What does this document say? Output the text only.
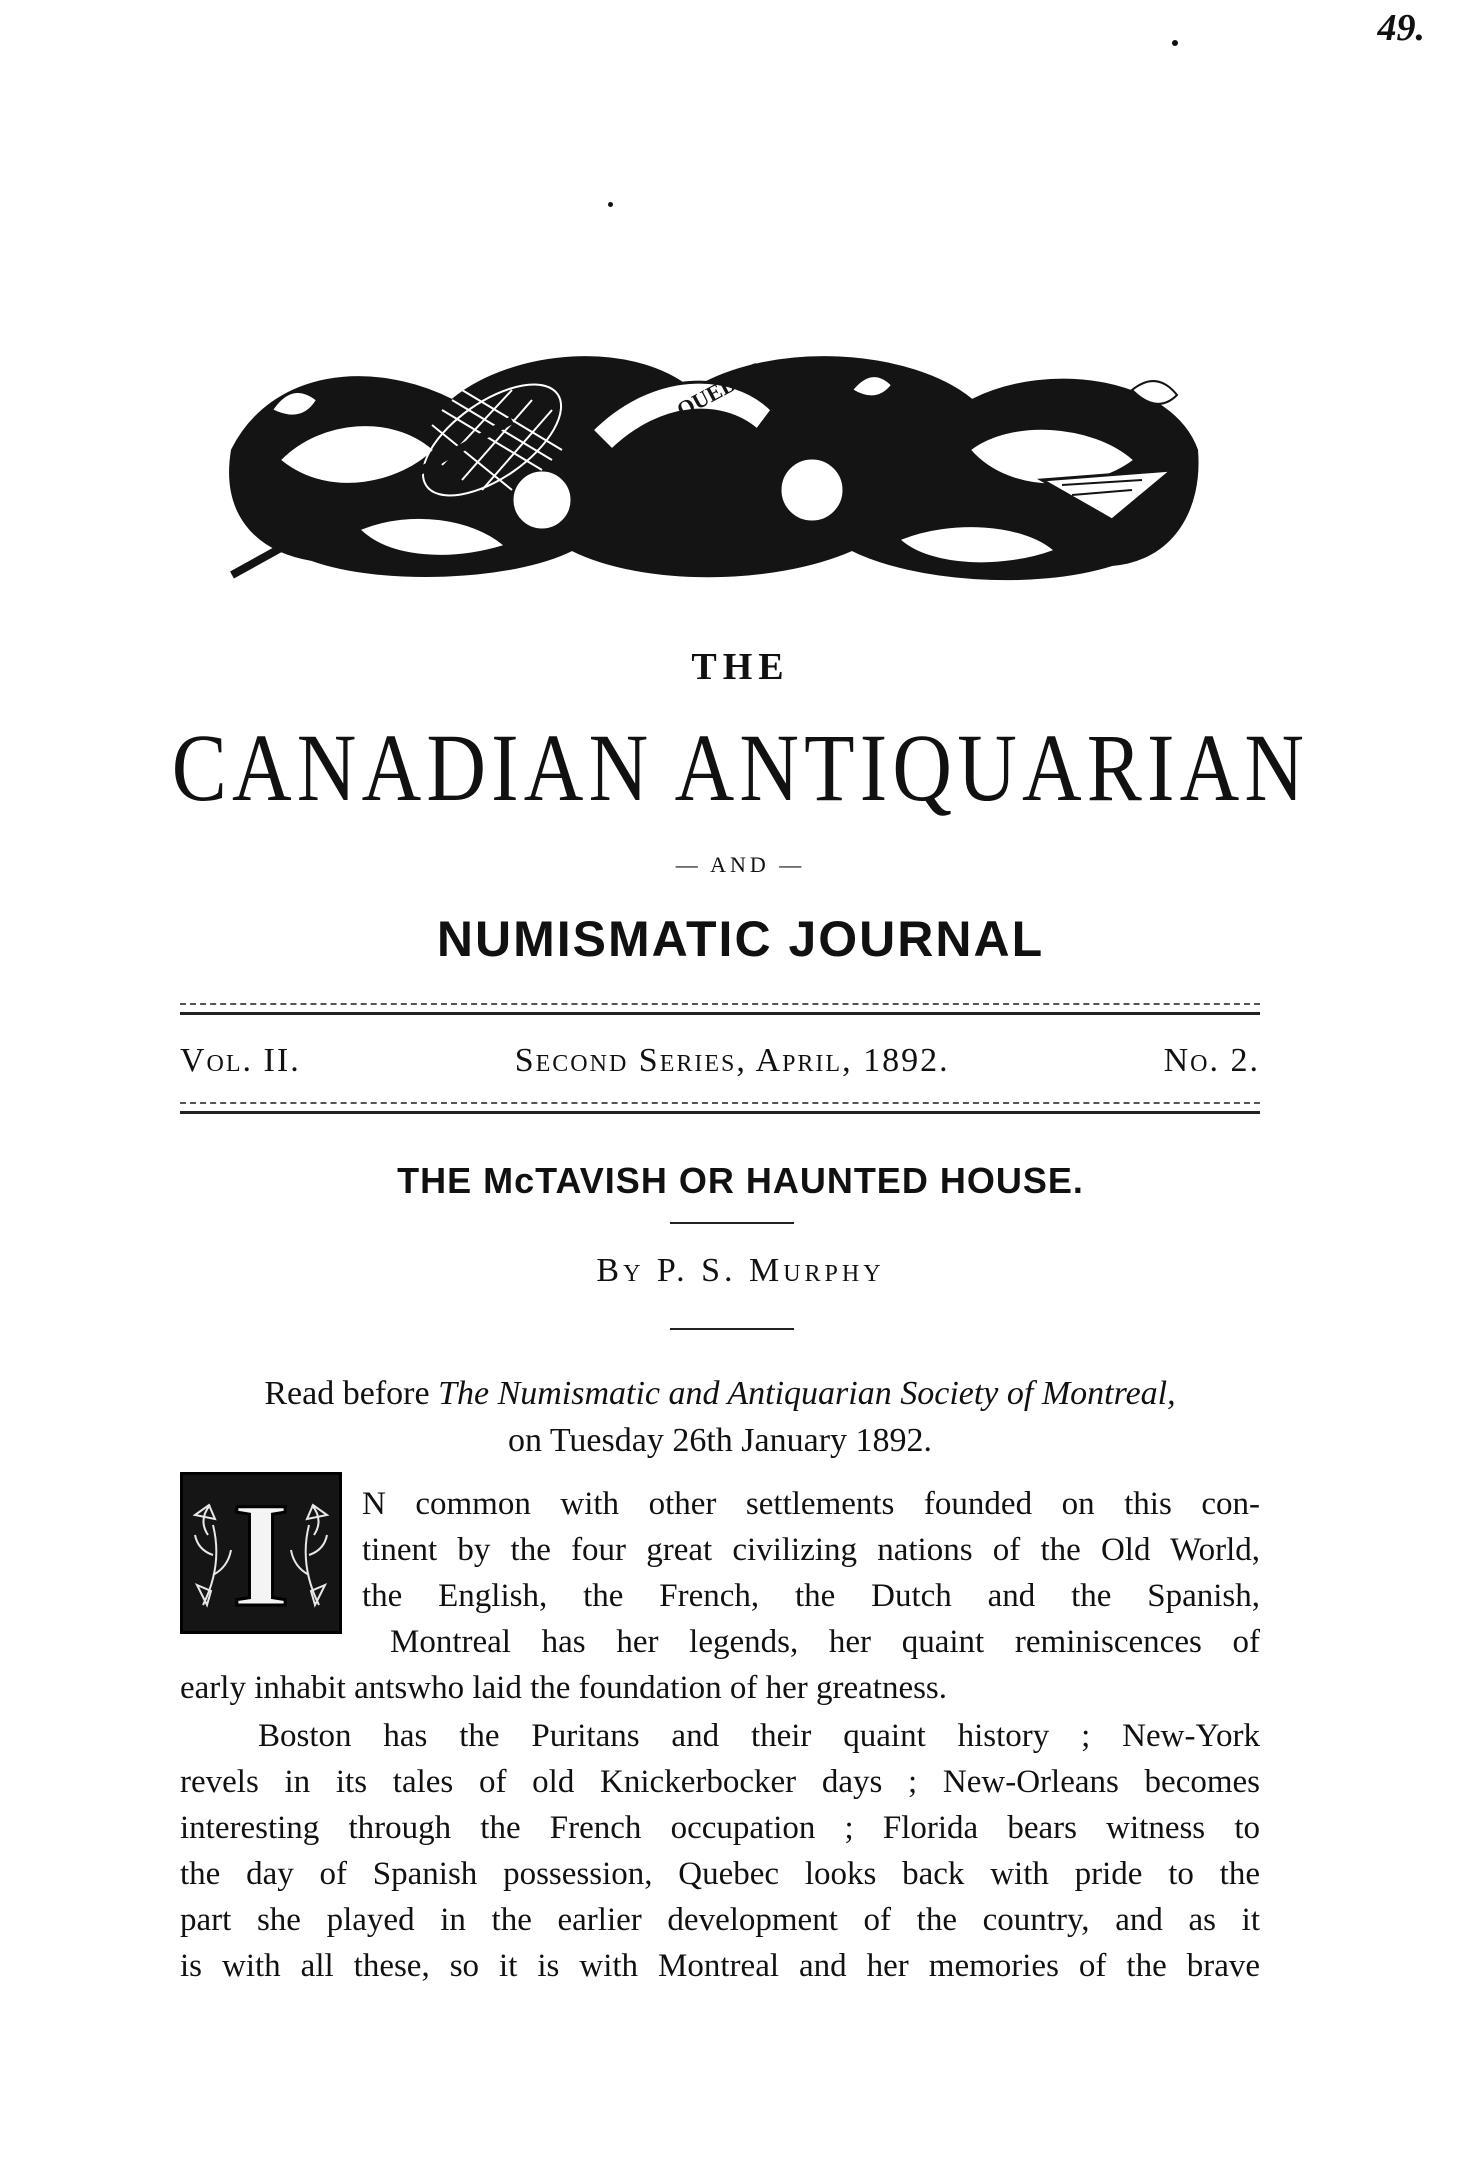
49.
QUEBEC
THE
CANADIAN ANTIQUARIAN
— AND —
NUMISMATIC JOURNAL
Vol. II.	Second Series, April, 1892.	No. 2.
THE McTAVISH OR HAUNTED HOUSE.
By P. S. Murphy
Read before The Numismatic and Antiquarian Society of Montreal,
on Tuesday 26th January 1892.
I	N common with other settlements founded on this con-
tinent by the four great civilizing nations of the Old World,
the English, the French, the Dutch and the Spanish,
Montreal has her legends, her quaint reminiscences of
early inhabit antswho laid the foundation of her greatness.
Boston has the Puritans and their quaint history ; New-York
revels in its tales of old Knickerbocker days ; New-Orleans becomes
interesting through the French occupation ; Florida bears witness to
the day of Spanish possession, Quebec looks back with pride to the
part she played in the earlier development of the country, and as it
is with all these, so it is with Montreal and her memories of the brave
